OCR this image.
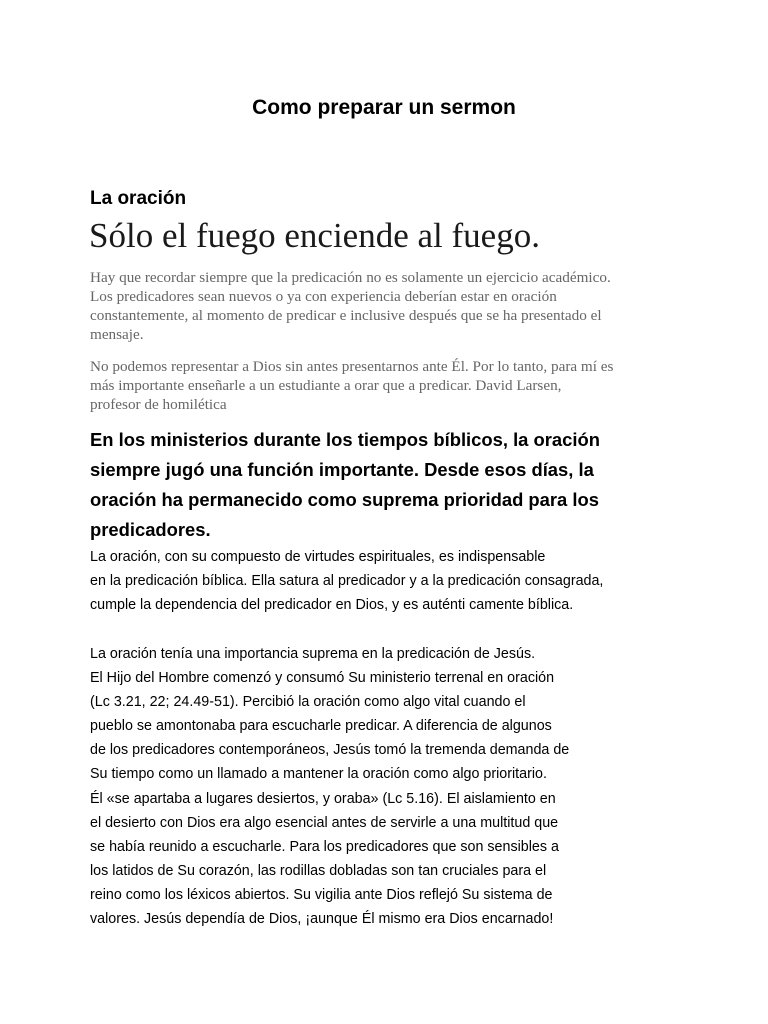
Como preparar un sermon
La oración

Sólo el fuego enciende al fuego.

Hay que recordar siempre que la predicación no es solamente un ejercicio académico.
Los predicadores sean nuevos o ya con experiencia deberían estar en oración
constantemente, al momento de predicar e inclusive después que se ha presentado el
mensaje.

No podemos representar a Dios sin antes presentarnos ante Él. Por lo tanto, para mí es
más importante enseñarle a un estudiante a orar que a predicar. David Larsen,
profesor de homilética

En los ministerios durante los tiempos bíblicos, la oración
siempre jugó una función importante. Desde esos días, la
oración ha permanecido como suprema prioridad para los
predicadores.

La oración, con su compuesto de virtudes espirituales, es indispensable
en la predicación bíblica. Ella satura al predicador y a la predicación consagrada,
cumple la dependencia del predicador en Dios, y es auténti camente bíblica.

La oración tenía una importancia suprema en la predicación de Jesús.
El Hijo del Hombre comenzó y consumó Su ministerio terrenal en oración
(Lc 3.21, 22; 24.49-51). Percibió la oración como algo vital cuando el
pueblo se amontonaba para escucharle predicar. A diferencia de algunos
de los predicadores contemporáneos, Jesús tomó la tremenda demanda de
Su tiempo como un llamado a mantener la oración como algo prioritario.
Él «se apartaba a lugares desiertos, y oraba» (Lc 5.16). El aislamiento en
el desierto con Dios era algo esencial antes de servirle a una multitud que
se había reunido a escucharle. Para los predicadores que son sensibles a
los latidos de Su corazón, las rodillas dobladas son tan cruciales para el
reino como los léxicos abiertos. Su vigilia ante Dios reflejó Su sistema de
valores. Jesús dependía de Dios, ¡aunque Él mismo era Dios encarnado!
